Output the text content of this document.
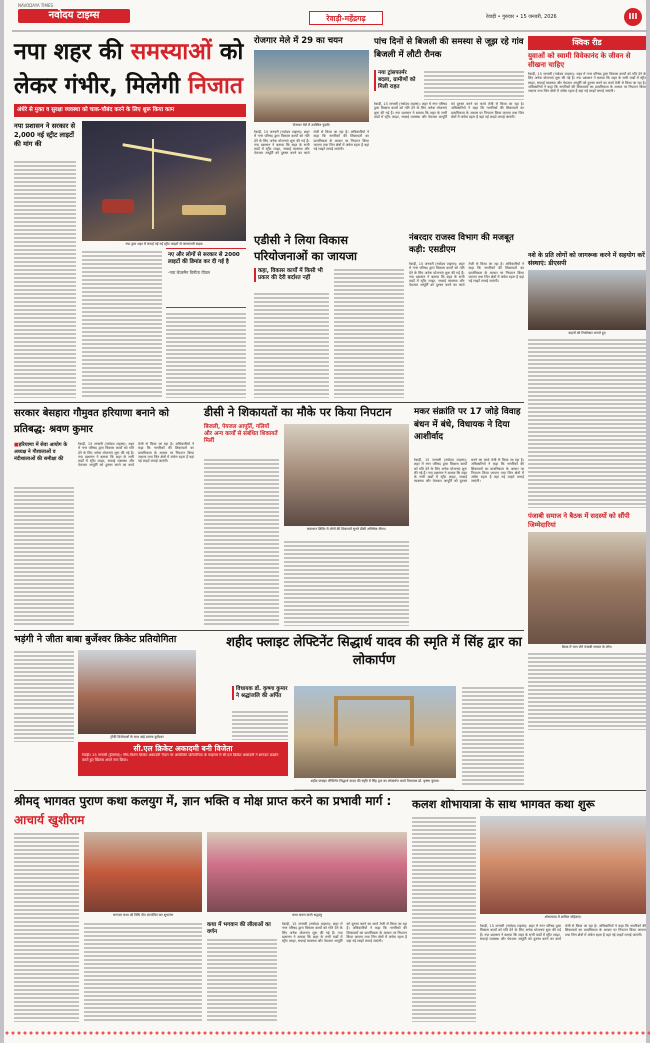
NAVODAYA TIMES
नवोदय टाइम्स	रेवाड़ी-महेंद्रगढ़	रेवाड़ी • गुरुवार • 15 जनवरी, 2026	III
नपा शहर की समस्याओं को लेकर गंभीर, मिलेगी निजात
अंधेरे से मुक्त व सुरक्षा व्यवस्था को चाक-चौबंद करने के लिए शुरू किया काम
नपा प्रशासन ने सरकार से 2,000 नई स्ट्रीट लाइटों की मांग की
नपा द्वारा शहर में लगाई गई नई स्ट्रीट लाइटों से जगमगाती सड़क
नए और लोगों से सरकार से 2000 लाइटों की डिमांड कर दी गई है
-नपा चेयरमैन विनीता पीपल
रोजगार मेले में 29 का चयन
रोजगार मेले में उपस्थित युवती।
रेवाड़ी, 15 जनवरी (नवोदय टाइम्स): शहर में नगर परिषद द्वारा विकास कार्यों को गति देने के लिए अनेक योजनाएं शुरू की गई हैं। नपा प्रशासन ने बताया कि शहर के सभी वार्डों में स्ट्रीट लाइट, सफाई व्यवस्था और पेयजल आपूर्ति को दुरुस्त करने का कार्य तेजी से किया जा रहा है। अधिकारियों ने कहा कि नागरिकों की शिकायतों का प्राथमिकता के आधार पर निपटान किया जाएगा तथा जिन क्षेत्रों में अंधेरा रहता है वहां नई लाइटें लगाई जाएंगी।
पांच दिनों से बिजली की समस्या से जूझ रहे गांव बिजली में लौटी रौनक
नया ट्रांसफार्मर बदला, ग्रामीणों को मिली राहत
रेवाड़ी, 15 जनवरी (नवोदय टाइम्स): शहर में नगर परिषद द्वारा विकास कार्यों को गति देने के लिए अनेक योजनाएं शुरू की गई हैं। नपा प्रशासन ने बताया कि शहर के सभी वार्डों में स्ट्रीट लाइट, सफाई व्यवस्था और पेयजल आपूर्ति को दुरुस्त करने का कार्य तेजी से किया जा रहा है। अधिकारियों ने कहा कि नागरिकों की शिकायतों का प्राथमिकता के आधार पर निपटान किया जाएगा तथा जिन क्षेत्रों में अंधेरा रहता है वहां नई लाइटें लगाई जाएंगी।
क्विक रीड
युवाओं को स्वामी विवेकानंद के जीवन से सीखना चाहिए
रेवाड़ी, 15 जनवरी (नवोदय टाइम्स): शहर में नगर परिषद द्वारा विकास कार्यों को गति देने के लिए अनेक योजनाएं शुरू की गई हैं। नपा प्रशासन ने बताया कि शहर के सभी वार्डों में स्ट्रीट लाइट, सफाई व्यवस्था और पेयजल आपूर्ति को दुरुस्त करने का कार्य तेजी से किया जा रहा है। अधिकारियों ने कहा कि नागरिकों की शिकायतों का प्राथमिकता के आधार पर निपटान किया जाएगा तथा जिन क्षेत्रों में अंधेरा रहता है वहां नई लाइटें लगाई जाएंगी।
नशे के प्रति लोगों को जागरूक करने में सहयोग करें संस्थाएं: डीएसपी
वाहनों को रिफ्लेक्टर लगाते हुए
पंजाबी समाज ने बैठक में सदस्यों को सौंपी जिम्मेदारियां
बैठक में भाग लेते पंजाबी समाज के लोग।
एडीसी ने लिया विकास परियोजनाओं का जायजा
कहा, विकास कार्यों में किसी भी प्रकार की देरी बर्दाश्त नहीं
नंबरदार राजस्व विभाग की मजबूत कड़ी: एसडीएम
रेवाड़ी, 15 जनवरी (नवोदय टाइम्स): शहर में नगर परिषद द्वारा विकास कार्यों को गति देने के लिए अनेक योजनाएं शुरू की गई हैं। नपा प्रशासन ने बताया कि शहर के सभी वार्डों में स्ट्रीट लाइट, सफाई व्यवस्था और पेयजल आपूर्ति को दुरुस्त करने का कार्य तेजी से किया जा रहा है। अधिकारियों ने कहा कि नागरिकों की शिकायतों का प्राथमिकता के आधार पर निपटान किया जाएगा तथा जिन क्षेत्रों में अंधेरा रहता है वहां नई लाइटें लगाई जाएंगी।
सरकार बेसहारा गौमुवत हरियाणा बनाने को प्रतिबद्ध: श्रवण कुमार
■ हरियाणा में सेवा आयोग के अध्यक्ष ने गौशालाओं व नंदीशालाओं की समीक्षा की
रेवाड़ी, 15 जनवरी (नवोदय टाइम्स): शहर में नगर परिषद द्वारा विकास कार्यों को गति देने के लिए अनेक योजनाएं शुरू की गई हैं। नपा प्रशासन ने बताया कि शहर के सभी वार्डों में स्ट्रीट लाइट, सफाई व्यवस्था और पेयजल आपूर्ति को दुरुस्त करने का कार्य तेजी से किया जा रहा है। अधिकारियों ने कहा कि नागरिकों की शिकायतों का प्राथमिकता के आधार पर निपटान किया जाएगा तथा जिन क्षेत्रों में अंधेरा रहता है वहां नई लाइटें लगाई जाएंगी।
डीसी ने शिकायतों का मौके पर किया निपटान
बिजली, पेयजल आपूर्ति, गलियों और अन्य कार्यों से संबंधित शिकायतें मिलीं
समाधान शिविर में लोगों की शिकायतें सुनते डीसी अभिषेक मीणा।
मकर संक्रांति पर 17 जोड़े विवाह बंधन में बंधे, विधायक ने दिया आशीर्वाद
रेवाड़ी, 15 जनवरी (नवोदय टाइम्स): शहर में नगर परिषद द्वारा विकास कार्यों को गति देने के लिए अनेक योजनाएं शुरू की गई हैं। नपा प्रशासन ने बताया कि शहर के सभी वार्डों में स्ट्रीट लाइट, सफाई व्यवस्था और पेयजल आपूर्ति को दुरुस्त करने का कार्य तेजी से किया जा रहा है। अधिकारियों ने कहा कि नागरिकों की शिकायतों का प्राथमिकता के आधार पर निपटान किया जाएगा तथा जिन क्षेत्रों में अंधेरा रहता है वहां नई लाइटें लगाई जाएंगी।
भड़ंगी ने जीता बाबा बुर्जेश्वर क्रिकेट प्रतियोगिता
ट्रॉफी विजेताओं के साथ खड़े बाल्ला बुर्जेश्वर
सी.एल क्रिकेट अकादमी बनी विजेता
रेवाड़ी। 15 जनवरी (हेमराज): गौरा-किरण क्रिकेट अकादमी मैदान पर आयोजित प्रतियोगिता के फाइनल में सी.एल क्रिकेट अकादमी ने शानदार प्रदर्शन करते हुए खिताब अपने नाम किया।
शहीद फ्लाइट लेफ्टिनेंट सिद्धार्थ यादव की स्मृति में सिंह द्वार का लोकार्पण
विधायक डॉ. कृष्णा कुमार ने श्रद्धांजलि की अर्पित
शहीद फ्लाइट लेफ्टिनेंट सिद्धार्थ यादव की स्मृति में सिंह द्वार का लोकार्पण करते विधायक डॉ. कृष्णा कुमार।
श्रीमद् भागवत पुराण कथा कलयुग में, ज्ञान भक्ति व मोक्ष प्राप्त करने का प्रभावी मार्ग : आचार्य खुशीराम
भागवत कथा को विधि दीप प्रज्वलित कर शुभारंभ	कथा श्रवण करते श्रद्धालु
कथा में भगवान की लीलाओं का वर्णन
रेवाड़ी, 15 जनवरी (नवोदय टाइम्स): शहर में नगर परिषद द्वारा विकास कार्यों को गति देने के लिए अनेक योजनाएं शुरू की गई हैं। नपा प्रशासन ने बताया कि शहर के सभी वार्डों में स्ट्रीट लाइट, सफाई व्यवस्था और पेयजल आपूर्ति को दुरुस्त करने का कार्य तेजी से किया जा रहा है। अधिकारियों ने कहा कि नागरिकों की शिकायतों का प्राथमिकता के आधार पर निपटान किया जाएगा तथा जिन क्षेत्रों में अंधेरा रहता है वहां नई लाइटें लगाई जाएंगी।
कलश शोभायात्रा के साथ भागवत कथा शुरू
शोभायात्रा में शामिल महिलाएं।
रेवाड़ी, 15 जनवरी (नवोदय टाइम्स): शहर में नगर परिषद द्वारा विकास कार्यों को गति देने के लिए अनेक योजनाएं शुरू की गई हैं। नपा प्रशासन ने बताया कि शहर के सभी वार्डों में स्ट्रीट लाइट, सफाई व्यवस्था और पेयजल आपूर्ति को दुरुस्त करने का कार्य तेजी से किया जा रहा है। अधिकारियों ने कहा कि नागरिकों की शिकायतों का प्राथमिकता के आधार पर निपटान किया जाएगा तथा जिन क्षेत्रों में अंधेरा रहता है वहां नई लाइटें लगाई जाएंगी।
